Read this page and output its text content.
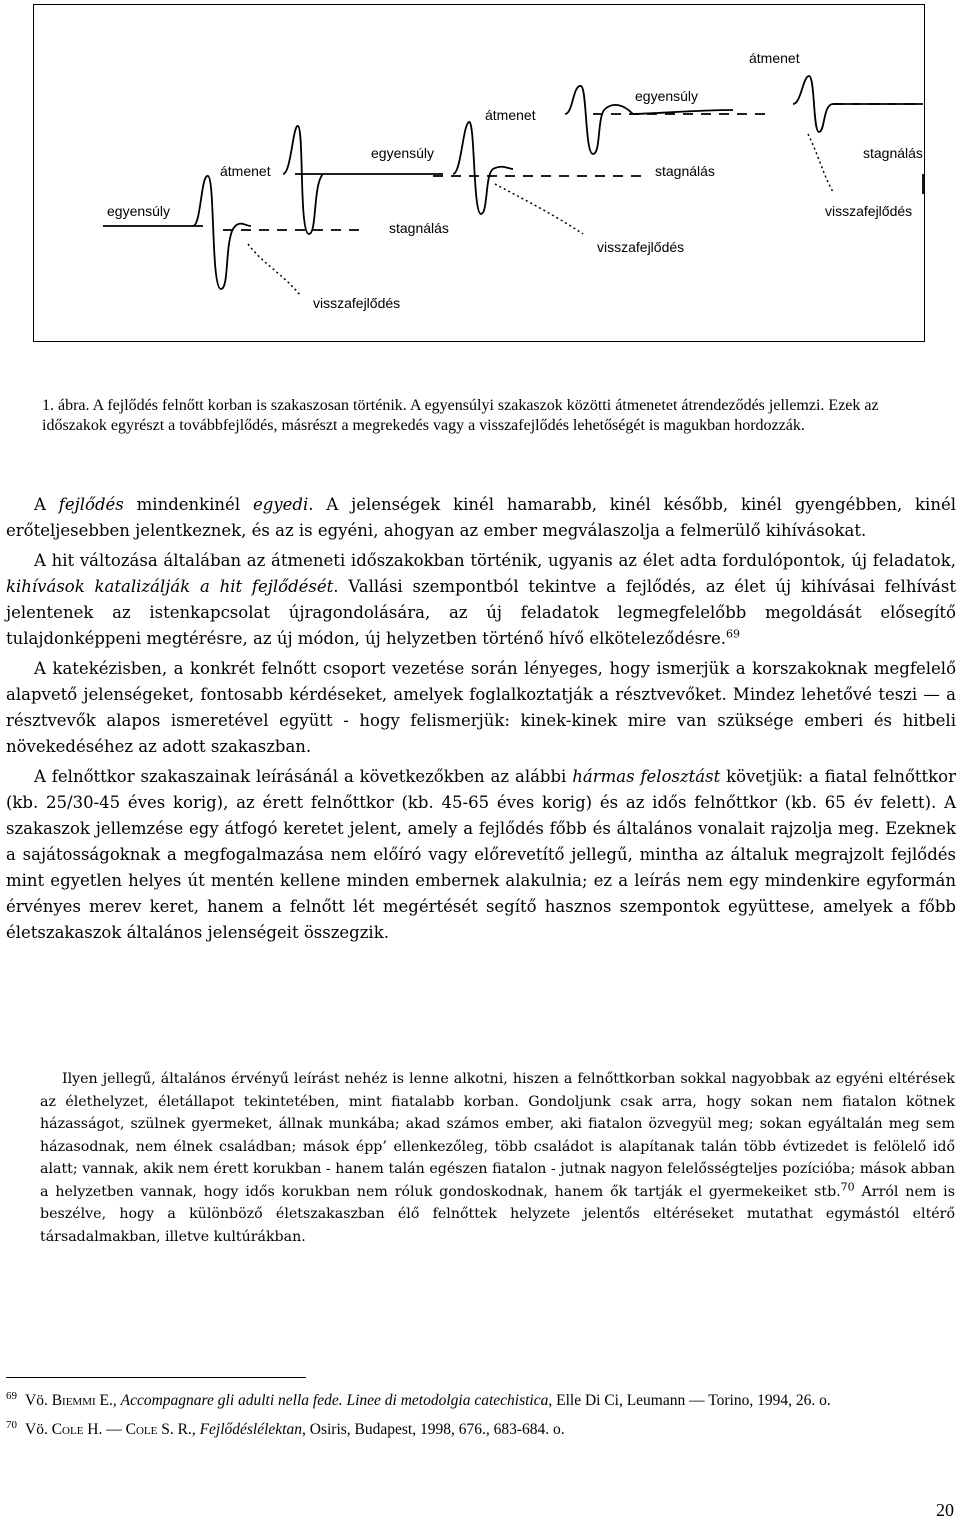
egyensúly
átmenet
visszafejlődés
egyensúly
stagnálás
átmenet
visszafejlődés
stagnálás
egyensúly
átmenet
stagnálás
visszafejlődés

1. ábra. A fejlődés felnőtt korban is szakaszosan történik. A egyensúlyi szakaszok közötti átmenetet átrendeződés jellemzi. Ezek az időszakok egyrészt a továbbfejlődés, másrészt a megrekedés vagy a visszafejlődés lehetőségét is magukban hordozzák.

A fejlődés mindenkinél egyedi. A jelenségek kinél hamarabb, kinél később, kinél gyengébben, kinél erőteljesebben jelentkeznek, és az is egyéni, ahogyan az ember megválaszolja a felmerülő kihívásokat.

A hit változása általában az átmeneti időszakokban történik, ugyanis az élet adta fordulópontok, új feladatok, kihívások katalizálják a hit fejlődését. Vallási szempontból tekintve a fejlődés, az élet új kihívásai felhívást jelentenek az istenkapcsolat újragondolására, az új feladatok legmegfelelőbb megoldását elősegítő tulajdonképpeni megtérésre, az új módon, új helyzetben történő hívő elköteleződésre.$^{69}$

A katekézisben, a konkrét felnőtt csoport vezetése során lényeges, hogy ismerjük a korszakoknak megfelelő alapvető jelenségeket, fontosabb kérdéseket, amelyek foglalkoztatják a résztvevőket. Mindez lehetővé teszi — a résztvevők alapos ismeretével együtt - hogy felismerjük: kinek-kinek mire van szüksége emberi és hitbeli növekedéséhez az adott szakaszban.

A felnőttkor szakaszainak leírásánál a következőkben az alábbi hármas felosztást követjük: a fiatal felnőttkor (kb. 25/30-45 éves korig), az érett felnőttkor (kb. 45-65 éves korig) és az idős felnőttkor (kb. 65 év felett). A szakaszok jellemzése egy átfogó keretet jelent, amely a fejlődés főbb és általános vonalait rajzolja meg. Ezeknek a sajátosságoknak a megfogalmazása nem előíró vagy előrevetítő jellegű, mintha az általuk megrajzolt fejlődés mint egyetlen helyes út mentén kellene minden embernek alakulnia; ez a leírás nem egy mindenkire egyformán érvényes merev keret, hanem a felnőtt lét megértését segítő hasznos szempontok együttese, amelyek a főbb életszakaszok általános jelenségeit összegzik.

Ilyen jellegű, általános érvényű leírást nehéz is lenne alkotni, hiszen a felnőttkorban sokkal nagyobbak az egyéni eltérések az élethelyzet, életállapot tekintetében, mint fiatalabb korban. Gondoljunk csak arra, hogy sokan nem fiatalon kötnek házasságot, szülnek gyermeket, állnak munkába; akad számos ember, aki fiatalon özvegyül meg; sokan egyáltalán meg sem házasodnak, nem élnek családban; mások épp’ ellenkezőleg, több családot is alapítanak talán több évtizedet is felölelő idő alatt; vannak, akik nem érett korukban - hanem talán egészen fiatalon - jutnak nagyon felelősségteljes pozícióba; mások abban a helyzetben vannak, hogy idős korukban nem róluk gondoskodnak, hanem ők tartják el gyermekeiket stb.$^{70}$ Arról nem is beszélve, hogy a különböző életszakaszban élő felnőttek helyzete jelentős eltéréseket mutathat egymástól eltérő társadalmakban, illetve kultúrákban.

$^{69}$ Vö. Biemmi E., Accompagnare gli adulti nella fede. Linee di metodolgia catechistica, Elle Di Ci, Leumann — Torino, 1994, 26. o.

$^{70}$ Vö. Cole H. — Cole S. R., Fejlődéslélektan, Osiris, Budapest, 1998, 676., 683-684. o.

20
